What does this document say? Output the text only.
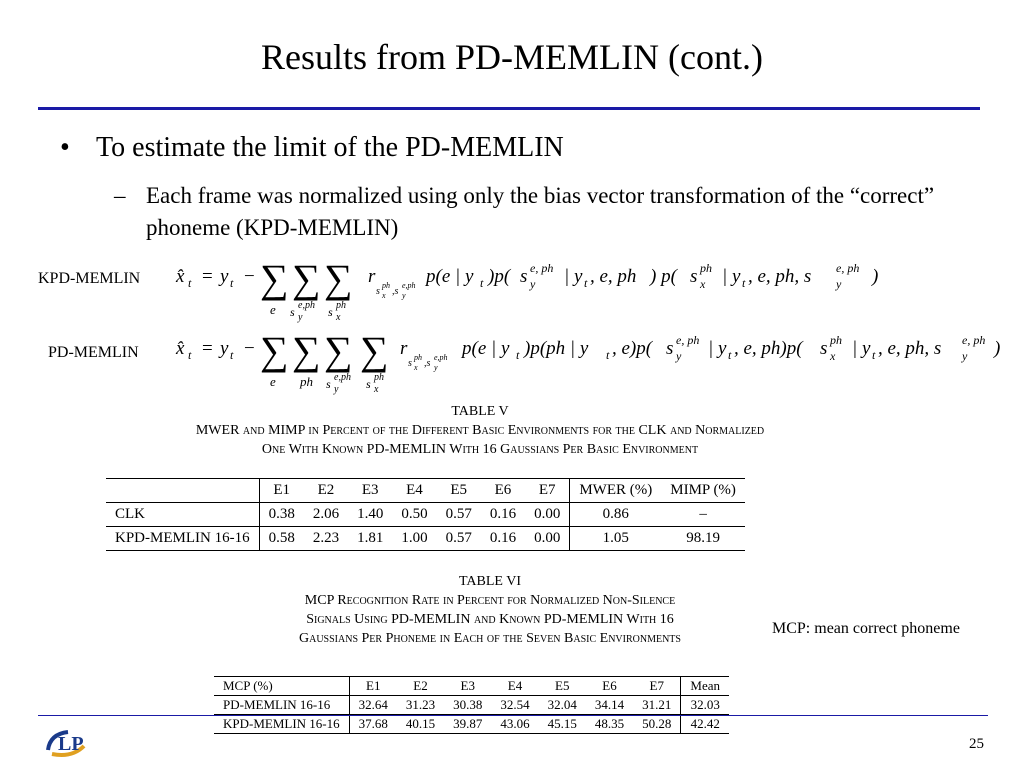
Results from PD-MEMLIN (cont.)
• To estimate the limit of the PD-MEMLIN
– Each frame was normalized using only the bias vector transformation of the “correct” phoneme (KPD-MEMLIN)
KPD-MEMLIN x̂ t = y t − ∑ ∑ ∑
e s e,ph
y s ph
x
r
s
ph
x ,s
e,ph
y
p(e | y t )p( s e, ph
y | y t , e, ph ) p( s ph
x | y t , e, ph, s e, ph
y )
PD-MEMLIN x̂ t = y t − ∑ ∑ ∑ ∑
e ph s e,ph
y s ph
x
r
s
ph
x ,s
e,ph
y
p(e | y t )p(ph | y t , e)p( s e, ph
y | y t , e, ph)p( s ph
x | y t , e, ph, s e, ph
y )
TABLE V
MWER and MIMP in Percent of the Different Basic Environments for the CLK and Normalized
One With Known PD-MEMLIN With 16 Gaussians Per Basic Environment
	E1	E2	E3	E4	E5	E6	E7	MWER (%)	MIMP (%)
CLK	0.38	2.06	1.40	0.50	0.57	0.16	0.00	0.86	–
KPD-MEMLIN 16-16	0.58	2.23	1.81	1.00	0.57	0.16	0.00	1.05	98.19
TABLE VI
MCP Recognition Rate in Percent for Normalized Non-Silence
Signals Using PD-MEMLIN and Known PD-MEMLIN With 16
Gaussians Per Phoneme in Each of the Seven Basic Environments
MCP: mean correct phoneme
MCP (%)	E1	E2	E3	E4	E5	E6	E7	Mean
PD-MEMLIN 16-16	32.64	31.23	30.38	32.54	32.04	34.14	31.21	32.03
KPD-MEMLIN 16-16	37.68	40.15	39.87	43.06	45.15	48.35	50.28	42.42
LP	25
